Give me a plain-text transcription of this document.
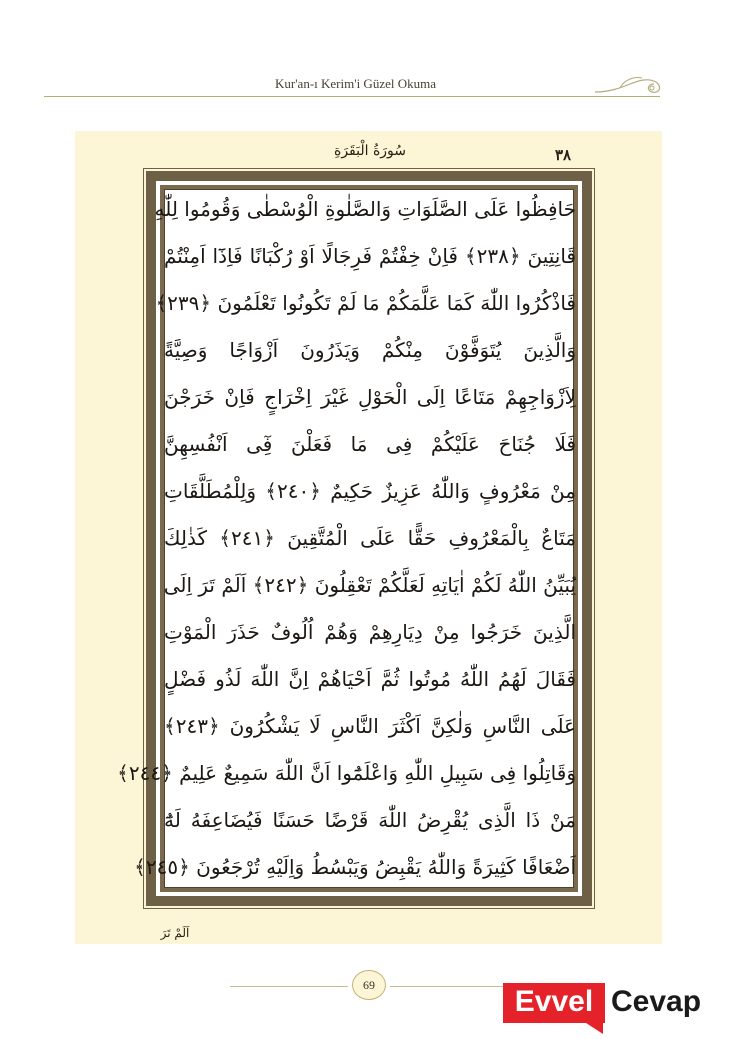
Kur'an-ı Kerim'i Güzel Okuma
٣٨
سُورَةُ الْبَقَرَةِ
حَافِظُوا عَلَى الصَّلَوَاتِ وَالصَّلٰوةِ الْوُسْطٰى وَقُومُوا لِلّٰهِ
قَانِتِينَ ﴿٢٣٨﴾ فَاِنْ خِفْتُمْ فَرِجَالًا اَوْ رُكْبَانًا فَاِذَٓا اَمِنْتُمْ
فَاذْكُرُوا اللّٰهَ كَمَا عَلَّمَكُمْ مَا لَمْ تَكُونُوا تَعْلَمُونَ ﴿٢٣٩﴾
وَالَّذِينَ يُتَوَفَّوْنَ مِنْكُمْ وَيَذَرُونَ اَزْوَاجًا وَصِيَّةً
لِاَزْوَاجِهِمْ مَتَاعًا اِلَى الْحَوْلِ غَيْرَ اِخْرَاجٍ فَاِنْ خَرَجْنَ
فَلَا جُنَاحَ عَلَيْكُمْ فِى مَا فَعَلْنَ فِٓى اَنْفُسِهِنَّ
مِنْ مَعْرُوفٍ وَاللّٰهُ عَزِيزٌ حَكِيمٌ ﴿٢٤٠﴾ وَلِلْمُطَلَّقَاتِ
مَتَاعٌ بِالْمَعْرُوفِ حَقًّا عَلَى الْمُتَّقِينَ ﴿٢٤١﴾ كَذٰلِكَ
يُبَيِّنُ اللّٰهُ لَكُمْ اٰيَاتِهِ لَعَلَّكُمْ تَعْقِلُونَ ﴿٢٤٢﴾ اَلَمْ تَرَ اِلَى
الَّذِينَ خَرَجُوا مِنْ دِيَارِهِمْ وَهُمْ اُلُوفٌ حَذَرَ الْمَوْتِ
فَقَالَ لَهُمُ اللّٰهُ مُوتُوا ثُمَّ اَحْيَاهُمْ اِنَّ اللّٰهَ لَذُو فَضْلٍ
عَلَى النَّاسِ وَلٰكِنَّ اَكْثَرَ النَّاسِ لَا يَشْكُرُونَ ﴿٢٤٣﴾
وَقَاتِلُوا فِى سَبِيلِ اللّٰهِ وَاعْلَمُٓوا اَنَّ اللّٰهَ سَمِيعٌ عَلِيمٌ ﴿٢٤٤﴾
مَنْ ذَا الَّذِى يُقْرِضُ اللّٰهَ قَرْضًا حَسَنًا فَيُضَاعِفَهُ لَهُٓ
اَضْعَافًا كَثِيرَةً وَاللّٰهُ يَقْبِضُ وَيَبْسُطُ وَاِلَيْهِ تُرْجَعُونَ ﴿٢٤٥﴾
اَلَمْ تَرَ
69	Evvel Cevap
